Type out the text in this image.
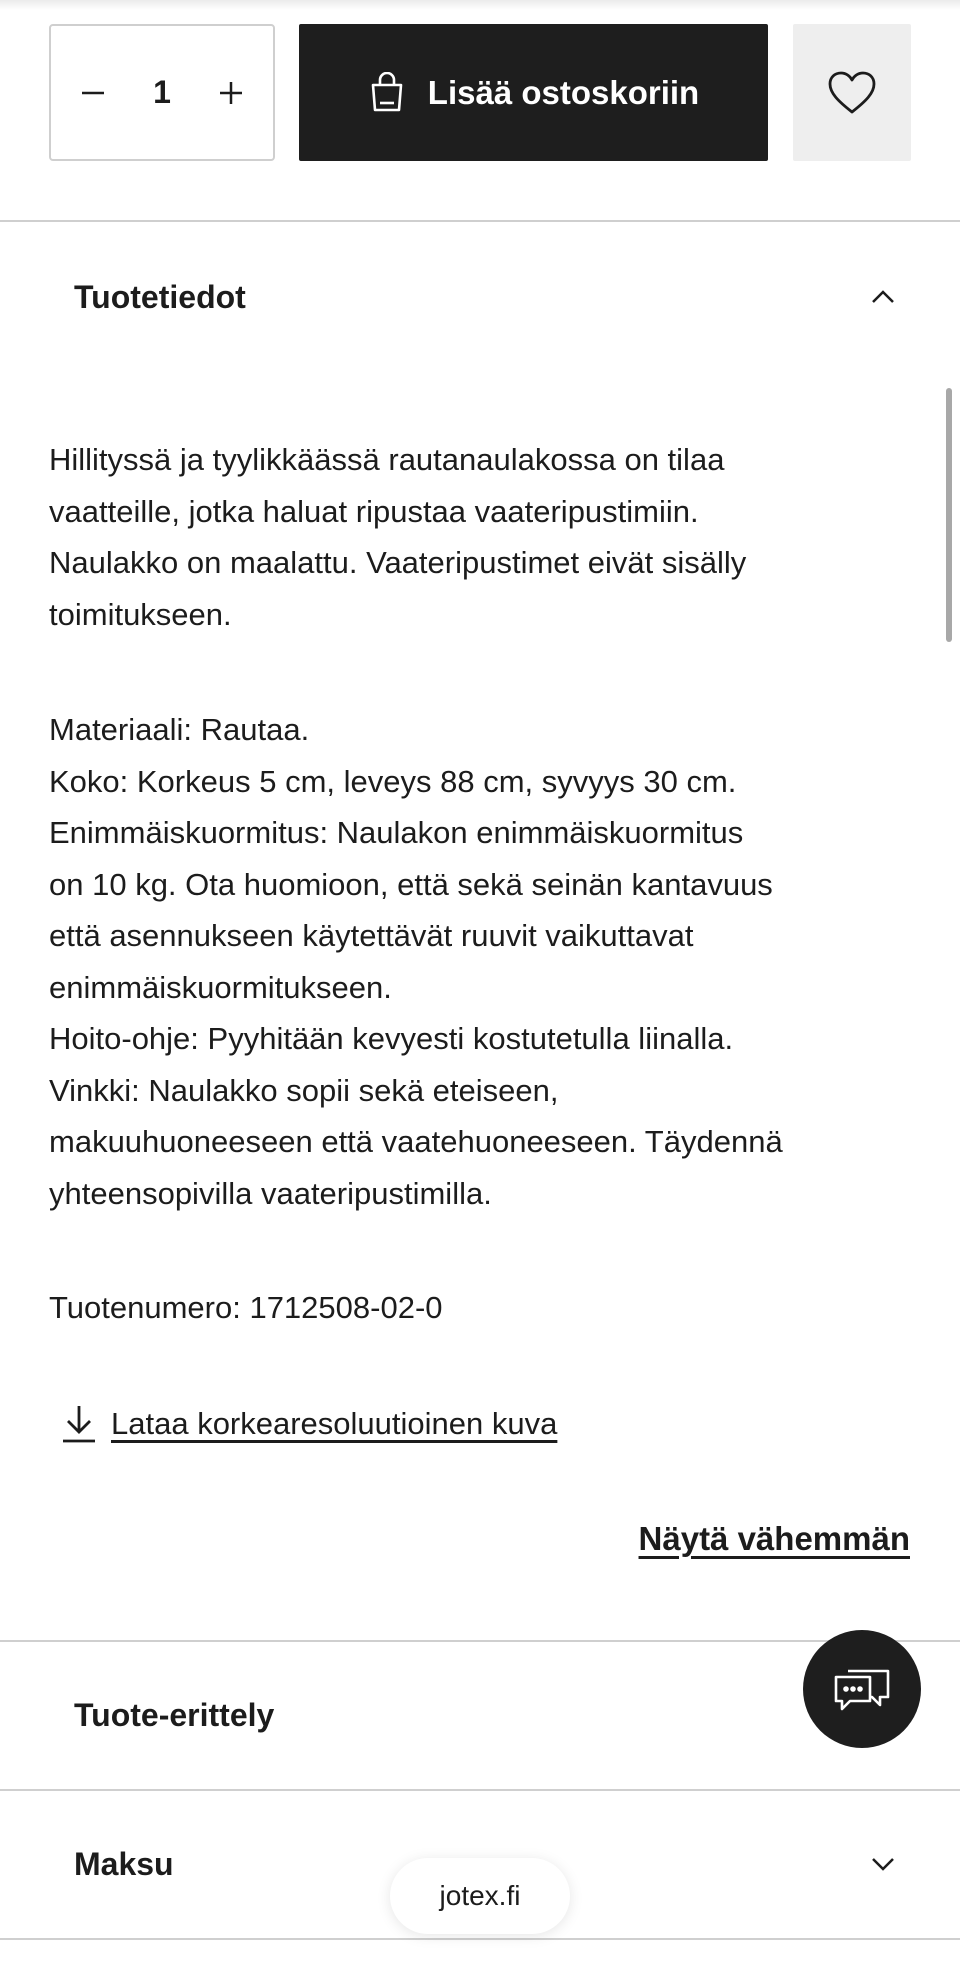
1	Lisää ostoskoriin
Tuotetiedot
Hillityssä ja tyylikkäässä rautanaulakossa on tilaa
vaatteille, jotka haluat ripustaa vaateripustimiin.
Naulakko on maalattu. Vaateripustimet eivät sisälly
toimitukseen.
Materiaali: Rautaa.
Koko: Korkeus 5 cm, leveys 88 cm, syvyys 30 cm.
Enimmäiskuormitus: Naulakon enimmäiskuormitus
on 10 kg. Ota huomioon, että sekä seinän kantavuus
että asennukseen käytettävät ruuvit vaikuttavat
enimmäiskuormitukseen.
Hoito-ohje: Pyyhitään kevyesti kostutetulla liinalla.
Vinkki: Naulakko sopii sekä eteiseen,
makuuhuoneeseen että vaatehuoneeseen. Täydennä
yhteensopivilla vaateripustimilla.
Tuotenumero: 1712508-02-0
Lataa korkearesoluutioinen kuva
Näytä vähemmän
Tuote-erittely
Maksu
jotex.fi
